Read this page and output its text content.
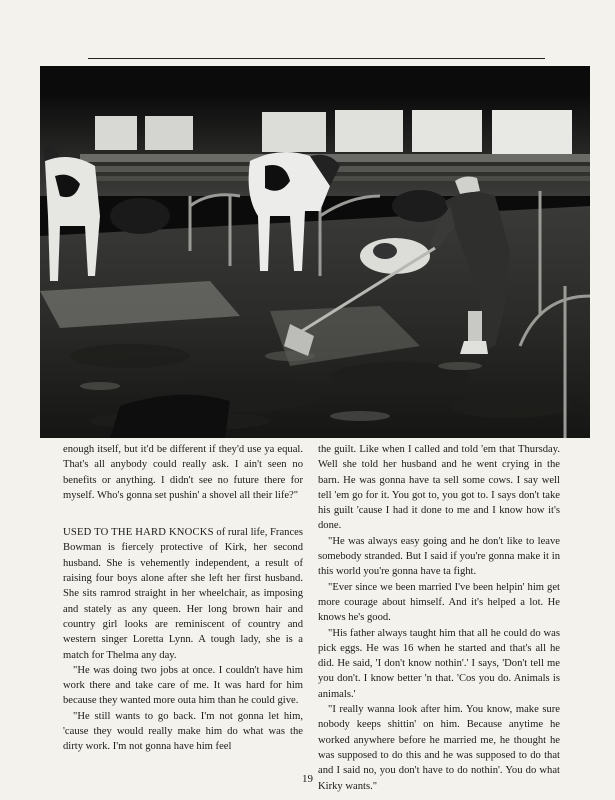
enough itself, but it'd be different if they'd use ya equal. That's all anybody could really ask. I ain't seen no benefits or anything. I didn't see no future there for myself. Who's gonna set pushin' a shovel all their life?"

USED TO THE HARD KNOCKS of rural life, Frances Bowman is fiercely protective of Kirk, her second husband. She is vehemently independent, a result of raising four boys alone after she left her first husband. She sits ramrod straight in her wheelchair, as imposing and stately as any queen. Her long brown hair and country girl looks are reminiscent of country and western singer Loretta Lynn. A tough lady, she is a match for Thelma any day.

"He was doing two jobs at once. I couldn't have him work there and take care of me. It was hard for him because they wanted more outa him than he could give.

"He still wants to go back. I'm not gonna let him, 'cause they would really make him do what was the dirty work. I'm not gonna have him feel

the guilt. Like when I called and told 'em that Thursday. Well she told her husband and he went crying in the barn. He was gonna have ta sell some cows. I say well tell 'em go for it. You got to, you got to. I says don't take his guilt 'cause I had it done to me and I know how it's done.

"He was always easy going and he don't like to leave somebody stranded. But I said if you're gonna make it in this world you're gonna have ta fight.

"Ever since we been married I've been helpin' him get more courage about himself. And it's helped a lot. He knows he's good.

"His father always taught him that all he could do was pick eggs. He was 16 when he started and that's all he did. He said, 'I don't know nothin'.' I says, 'Don't tell me you don't. I know better 'n that. 'Cos you do. Animals is animals.'

"I really wanna look after him. You know, make sure nobody keeps shittin' on him. Because anytime he worked anywhere before he married me, he thought he was supposed to do this and he was supposed to do that and I said no, you don't have to do nothin'. You do what Kirky wants."

19
